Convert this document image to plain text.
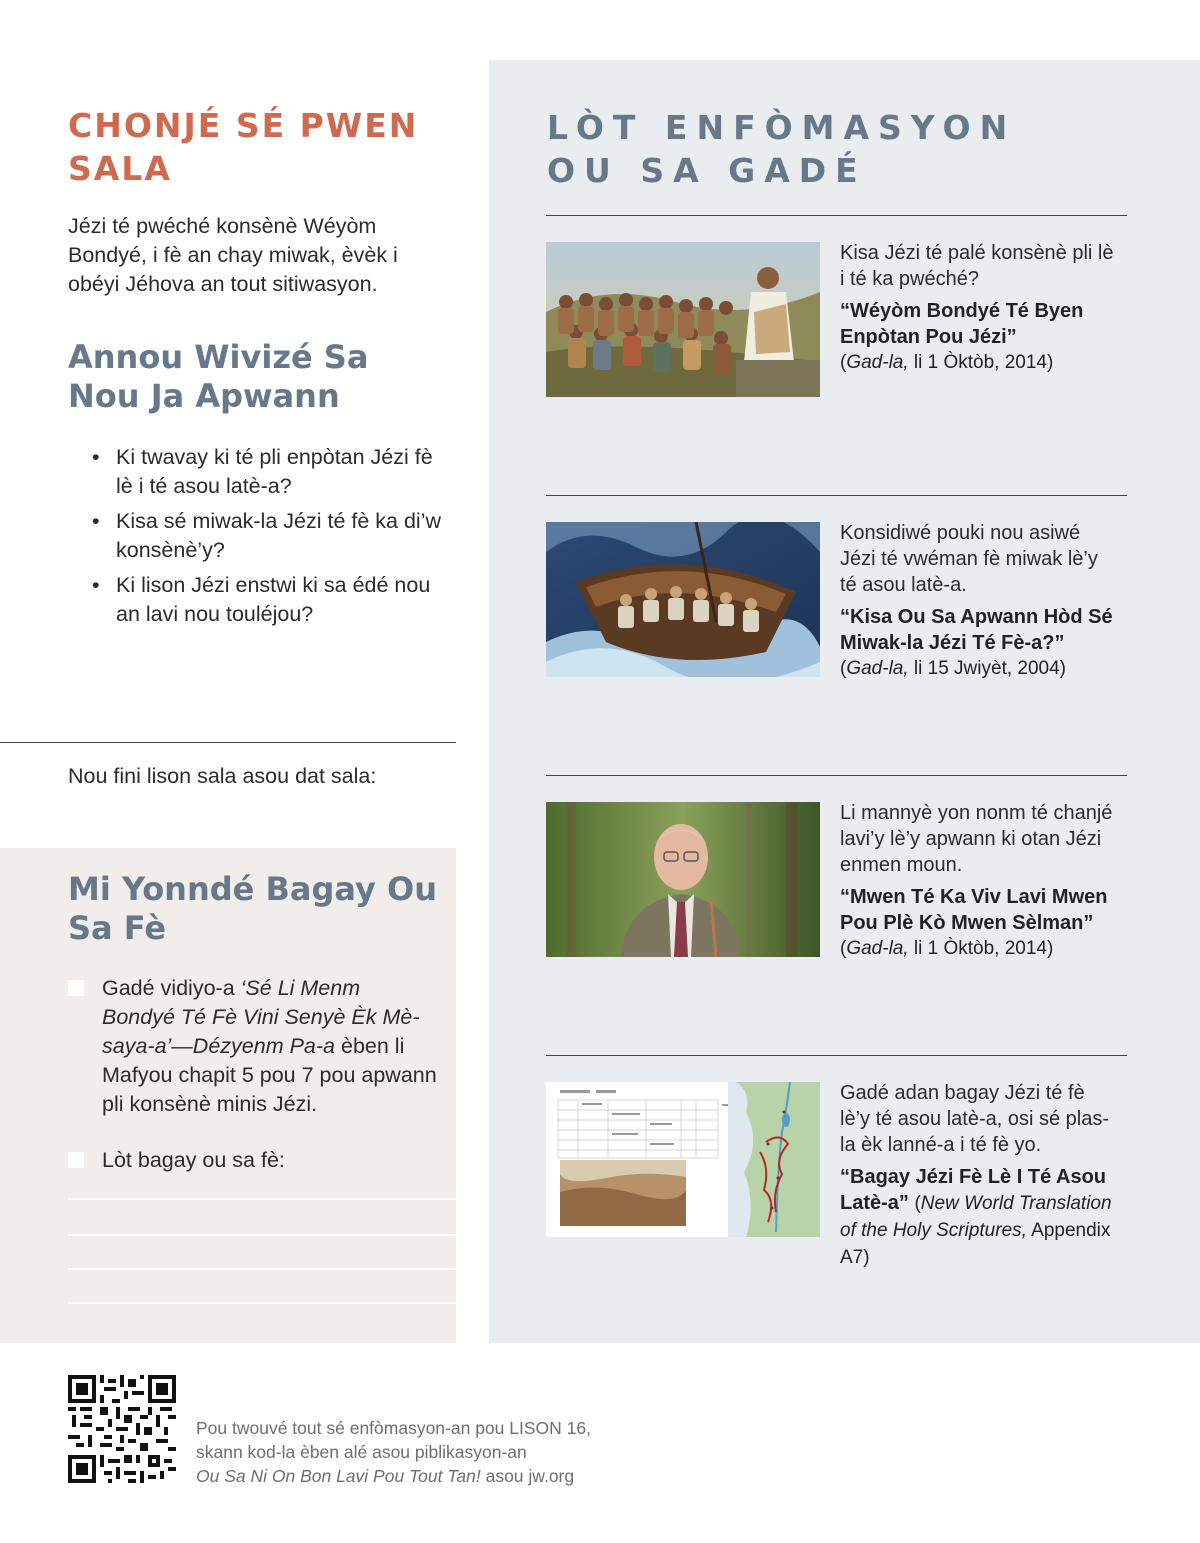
CHONJÉ SÉ PWEN SALA

Jézi té pwéché konsènè Wéyòm Bondyé, i fè an chay miwak, èvèk i obéyi Jéhova an tout sitiwasyon.

Annou Wivizé Sa Nou Ja Apwann
• Ki twavay ki té pli enpòtan Jézi fè lè i té asou latè-a?
• Kisa sé miwak-la Jézi té fè ka di’w konsènè’y?
• Ki lison Jézi enstwi ki sa édé nou an lavi nou touléjou?

Nou fini lison sala asou dat sala:

Mi Yonndé Bagay Ou Sa Fè
Gadé vidiyo-a ‘Sé Li Menm Bondyé Té Fè Vini Senyè Èk Mèsaya-a’—Dézyenm Pa-a èben li Mafyou chapit 5 pou 7 pou apwann pli konsènè minis Jézi.
Lòt bagay ou sa fè:
LÒT ENFÒMASYON OU SA GADÉ

Kisa Jézi té palé konsènè pli lè i té ka pwéché?

“Wéyòm Bondyé Té Byen Enpòtan Pou Jézi”

(Gad-la, li 1 Òktòb, 2014)

Konsidiwé pouki nou asiwé Jézi té vwéman fè miwak lè’y té asou latè-a.

“Kisa Ou Sa Apwann Hòd Sé Miwak-la Jézi Té Fè-a?”

(Gad-la, li 15 Jwiyèt, 2004)

Li mannyè yon nonm té chanjé lavi’y lè’y apwann ki otan Jézi enmen moun.

“Mwen Té Ka Viv Lavi Mwen Pou Plè Kò Mwen Sèlman”

(Gad-la, li 1 Òktòb, 2014)

Gadé adan bagay Jézi té fè lè’y té asou latè-a, osi sé plas-la èk lanné-a i té fè yo.

“Bagay Jézi Fè Lè I Té Asou Latè-a” (New World Translation of the Holy Scriptures, Appendix A7)

Pou twouvé tout sé enfòmasyon-an pou LISON 16,
skann kod-la èben alé asou piblikasyon-an
Ou Sa Ni On Bon Lavi Pou Tout Tan! asou jw.org
